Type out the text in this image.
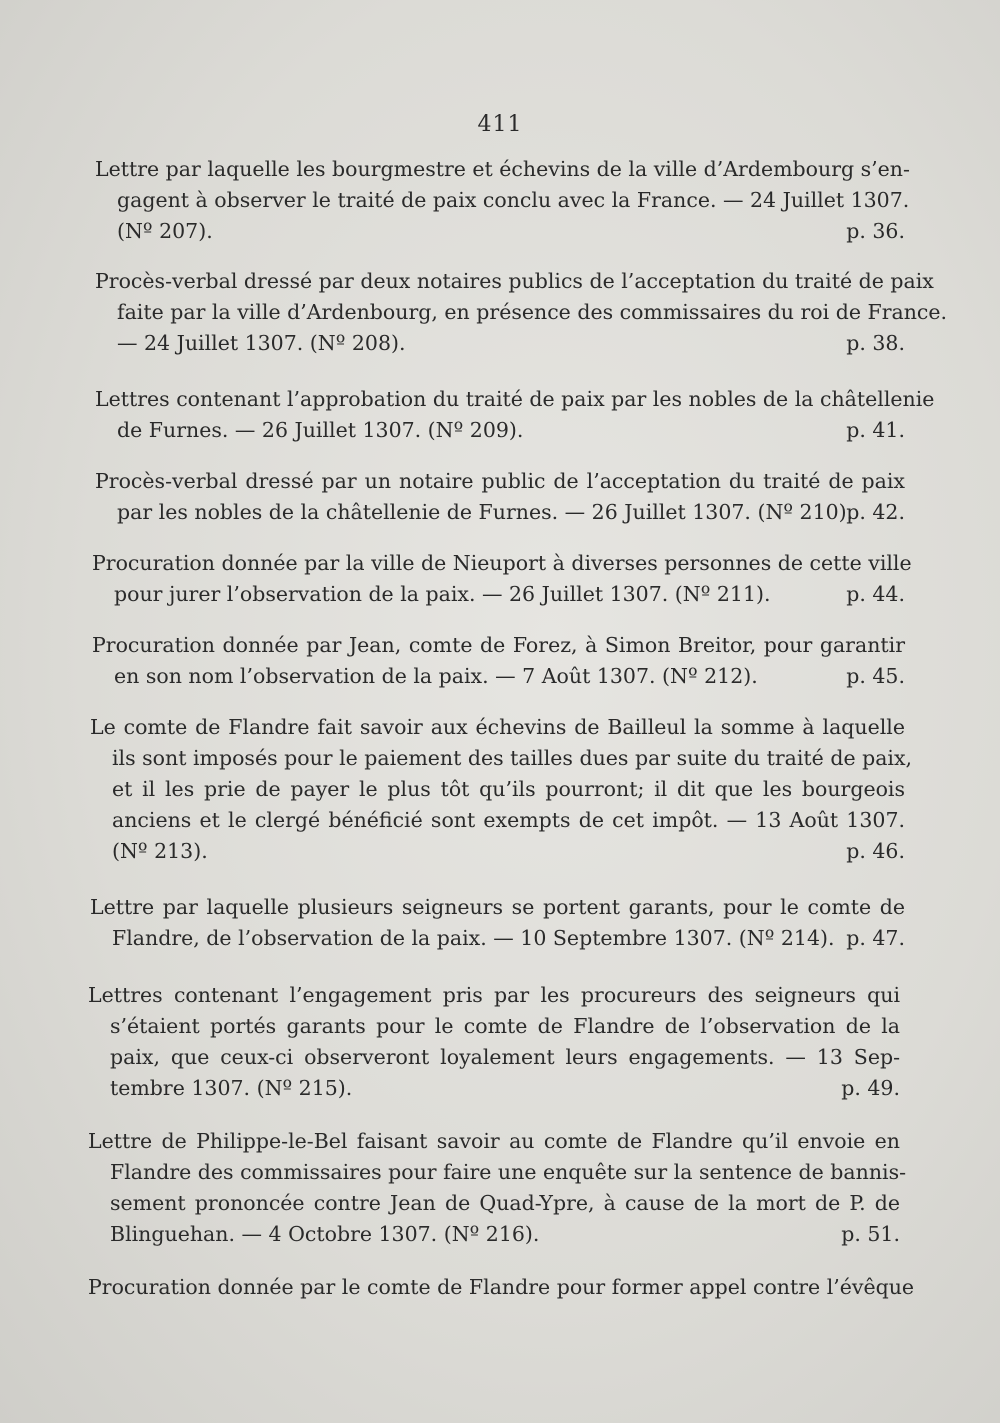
411
Lettre par laquelle les bourgmestre et échevins de la ville d’Ardembourg s’en-
gagent à observer le traité de paix conclu avec la France. — 24 Juillet 1307.
(Nº 207).	p. 36.
Procès-verbal dressé par deux notaires publics de l’acceptation du traité de paix
faite par la ville d’Ardenbourg, en présence des commissaires du roi de France.
— 24 Juillet 1307. (Nº 208).	p. 38.
Lettres contenant l’approbation du traité de paix par les nobles de la châtellenie
de Furnes. — 26 Juillet 1307. (Nº 209).	p. 41.
Procès-verbal dressé par un notaire public de l’acceptation du traité de paix
par les nobles de la châtellenie de Furnes. — 26 Juillet 1307. (Nº 210).
p. 42.
Procuration donnée par la ville de Nieuport à diverses personnes de cette ville
pour jurer l’observation de la paix. — 26 Juillet 1307. (Nº 211).	p. 44.
Procuration donnée par Jean, comte de Forez, à Simon Breitor, pour garantir
en son nom l’observation de la paix. — 7 Août 1307. (Nº 212).	p. 45.
Le comte de Flandre fait savoir aux échevins de Bailleul la somme à laquelle
ils sont imposés pour le paiement des tailles dues par suite du traité de paix,
et il les prie de payer le plus tôt qu’ils pourront; il dit que les bourgeois
anciens et le clergé bénéficié sont exempts de cet impôt. — 13 Août 1307.
(Nº 213).	p. 46.
Lettre par laquelle plusieurs seigneurs se portent garants, pour le comte de
Flandre, de l’observation de la paix. — 10 Septembre 1307. (Nº 214). p. 47.
Lettres contenant l’engagement pris par les procureurs des seigneurs qui
s’étaient portés garants pour le comte de Flandre de l’observation de la
paix, que ceux-ci observeront loyalement leurs engagements. — 13 Sep-
tembre 1307. (Nº 215).	p. 49.
Lettre de Philippe-le-Bel faisant savoir au comte de Flandre qu’il envoie en
Flandre des commissaires pour faire une enquête sur la sentence de bannis-
sement prononcée contre Jean de Quad-Ypre, à cause de la mort de P. de
Blinguehan. — 4 Octobre 1307. (Nº 216).	p. 51.
Procuration donnée par le comte de Flandre pour former appel contre l’évêque
